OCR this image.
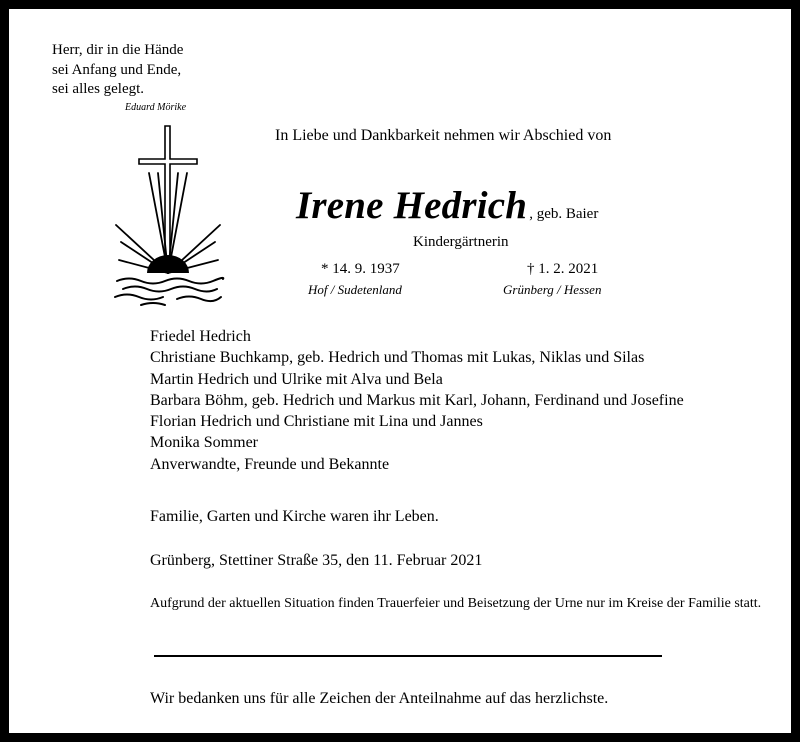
Herr, dir in die Hände
sei Anfang und Ende,
sei alles gelegt.
Eduard Mörike
In Liebe und Dankbarkeit nehmen wir Abschied von
Irene Hedrich , geb. Baier
Kindergärtnerin
* 14. 9. 1937
Hof / Sudetenland
† 1. 2. 2021
Grünberg / Hessen
Friedel Hedrich
Christiane Buchkamp, geb. Hedrich und Thomas mit Lukas, Niklas und Silas
Martin Hedrich und Ulrike mit Alva und Bela
Barbara Böhm, geb. Hedrich und Markus mit Karl, Johann, Ferdinand und Josefine
Florian Hedrich und Christiane mit Lina und Jannes
Monika Sommer
Anverwandte, Freunde und Bekannte
Familie, Garten und Kirche waren ihr Leben.
Grünberg, Stettiner Straße 35, den 11. Februar 2021
Aufgrund der aktuellen Situation finden Trauerfeier und Beisetzung der Urne nur im Kreise der Familie statt.
Wir bedanken uns für alle Zeichen der Anteilnahme auf das herzlichste.
